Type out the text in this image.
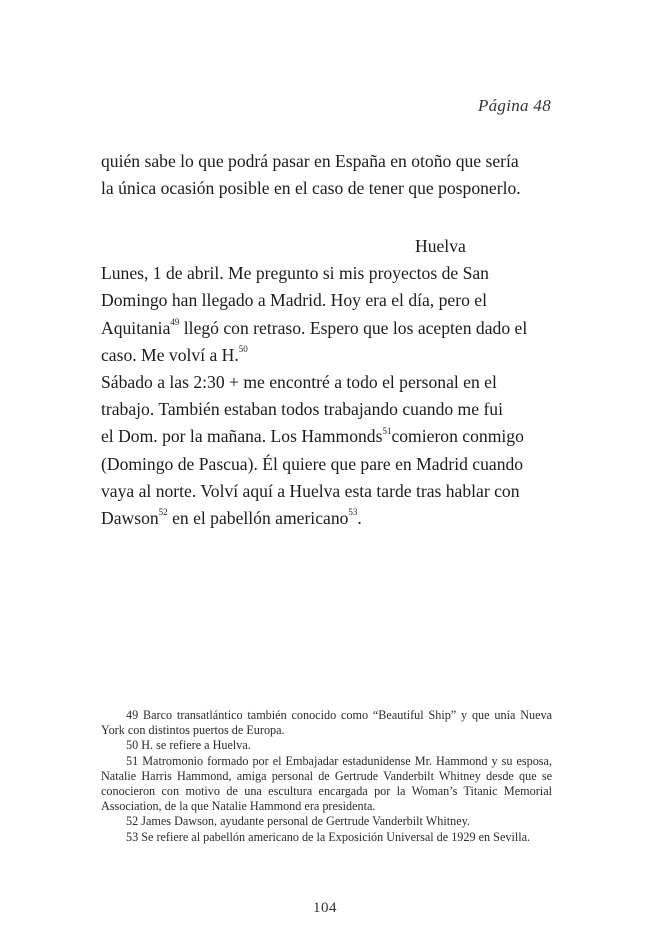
Página 48

quién sabe lo que podrá pasar en España en otoño que sería

la única ocasión posible en el caso de tener que posponerlo.

Huelva

Lunes, 1 de abril. Me pregunto si mis proyectos de San

Domingo han llegado a Madrid. Hoy era el día, pero el

Aquitania$^{49}$ llegó con retraso. Espero que los acepten dado el

caso. Me volví a H.$^{50}$

Sábado a las 2:30 + me encontré a todo el personal en el

trabajo. También estaban todos trabajando cuando me fui

el Dom. por la mañana. Los Hammonds$^{51}$comieron conmigo

(Domingo de Pascua). Él quiere que pare en Madrid cuando

vaya al norte. Volví aquí a Huelva esta tarde tras hablar con

Dawson$^{52}$ en el pabellón americano$^{53}$.

49 Barco transatlántico también conocido como “Beautiful Ship” y que unía Nueva York con distintos puertos de Europa.

50 H. se refiere a Huelva.

51 Matromonio formado por el Embajadar estadunidense Mr. Hammond y su esposa, Natalie Harris Hammond, amiga personal de Gertrude Vanderbilt Whitney desde que se conocieron con motivo de una escultura encargada por la Woman’s Titanic Memorial Association, de la que Natalie Hammond era presidenta.

52 James Dawson, ayudante personal de Gertrude Vanderbilt Whitney.

53 Se refiere al pabellón americano de la Exposición Universal de 1929 en Sevilla.

104
